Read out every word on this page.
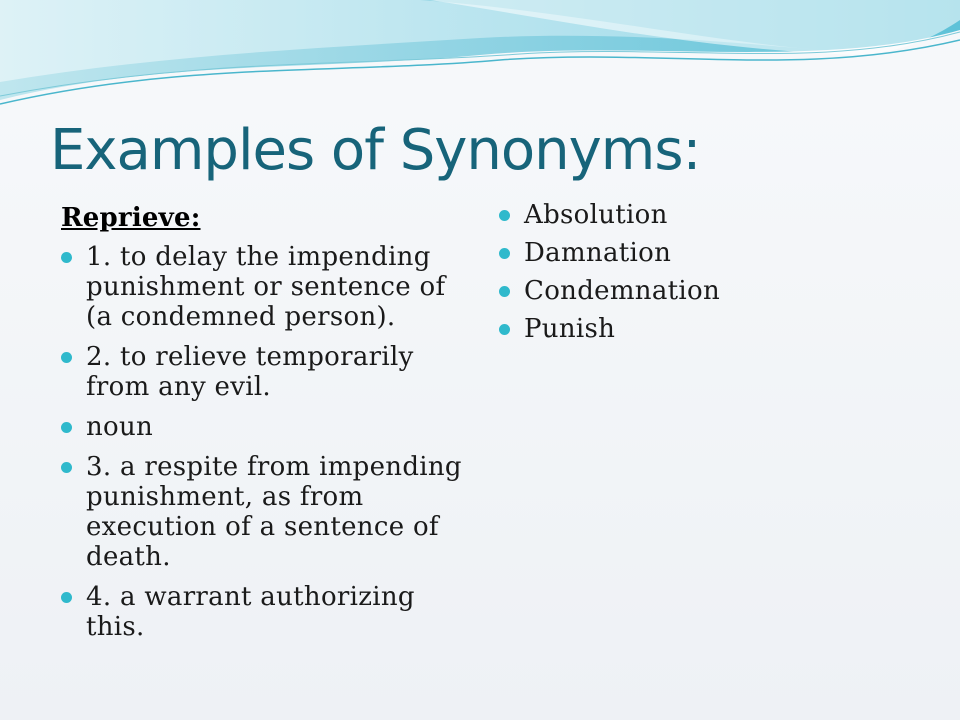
Examples of Synonyms:
Reprieve:
1. to delay the impending punishment or sentence of (a condemned person).
2. to relieve temporarily from any evil.
noun
3. a respite from impending punishment, as from execution of a sentence of death.
4. a warrant authorizing this.
Absolution
Damnation
Condemnation
Punish
